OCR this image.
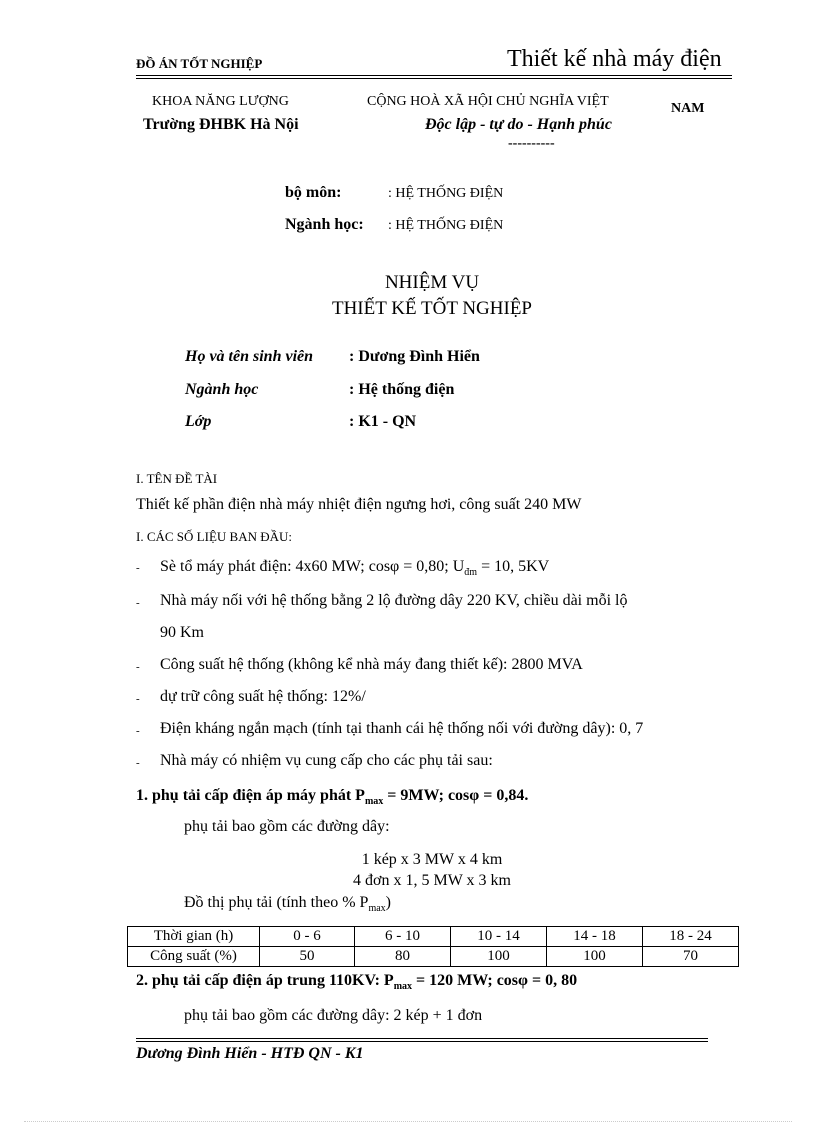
ĐỒ ÁN TỐT NGHIỆP	Thiết kế nhà máy điện
KHOA NĂNG LƯỢNG
Trường ĐHBK Hà Nội
CỘNG HOÀ XÃ HỘI CHỦ NGHĨA VIỆT	NAM
Độc lập - tự do - Hạnh phúc
----------
bộ môn:	: HỆ THỐNG ĐIỆN
Ngành học: : HỆ THỐNG ĐIỆN
NHIỆM VỤ
THIẾT KẾ TỐT NGHIỆP
Họ và tên sinh viên : Dương Đình Hiển
Ngành học	: Hệ thống điện
Lớp	: K1 - QN
I. TÊN ĐỀ TÀI
Thiết kế phần điện nhà máy nhiệt điện ngưng hơi, công suất 240 MW
I. CÁC SỐ LIỆU BAN ĐẦU:
- Sè tổ máy phát điện: 4x60 MW; cosφ = 0,80; $U_{đm} = 10$, 5KV
- Nhà máy nối với hệ thống bằng 2 lộ đường dây 220 KV, chiều dài mỗi lộ
90 Km
- Công suất hệ thống (không kể nhà máy đang thiết kế): 2800 MVA
- dự trữ công suất hệ thống: 12%/
- Điện kháng ngắn mạch (tính tại thanh cái hệ thống nối với đường dây): 0, 7
- Nhà máy có nhiệm vụ cung cấp cho các phụ tải sau:
1. phụ tải cấp điện áp máy phát $P_{max} = 9MW$; cosφ = 0,84.
phụ tải bao gồm các đường dây:
1 kép x 3 MW x 4 km
4 đơn x 1, 5 MW x 3 km
Đồ thị phụ tải (tính theo % $P_{max}$)
Thời gian (h)	0 - 6	6 - 10	10 - 14	14 - 18	18 - 24
Công suất (%)	50	80	100	100	70
2. phụ tải cấp điện áp trung 110KV: $P_{max} = 120$ MW; cosφ = 0, 80
phụ tải bao gồm các đường dây: 2 kép + 1 đơn
Dương Đình Hiển - HTĐ QN - K1
